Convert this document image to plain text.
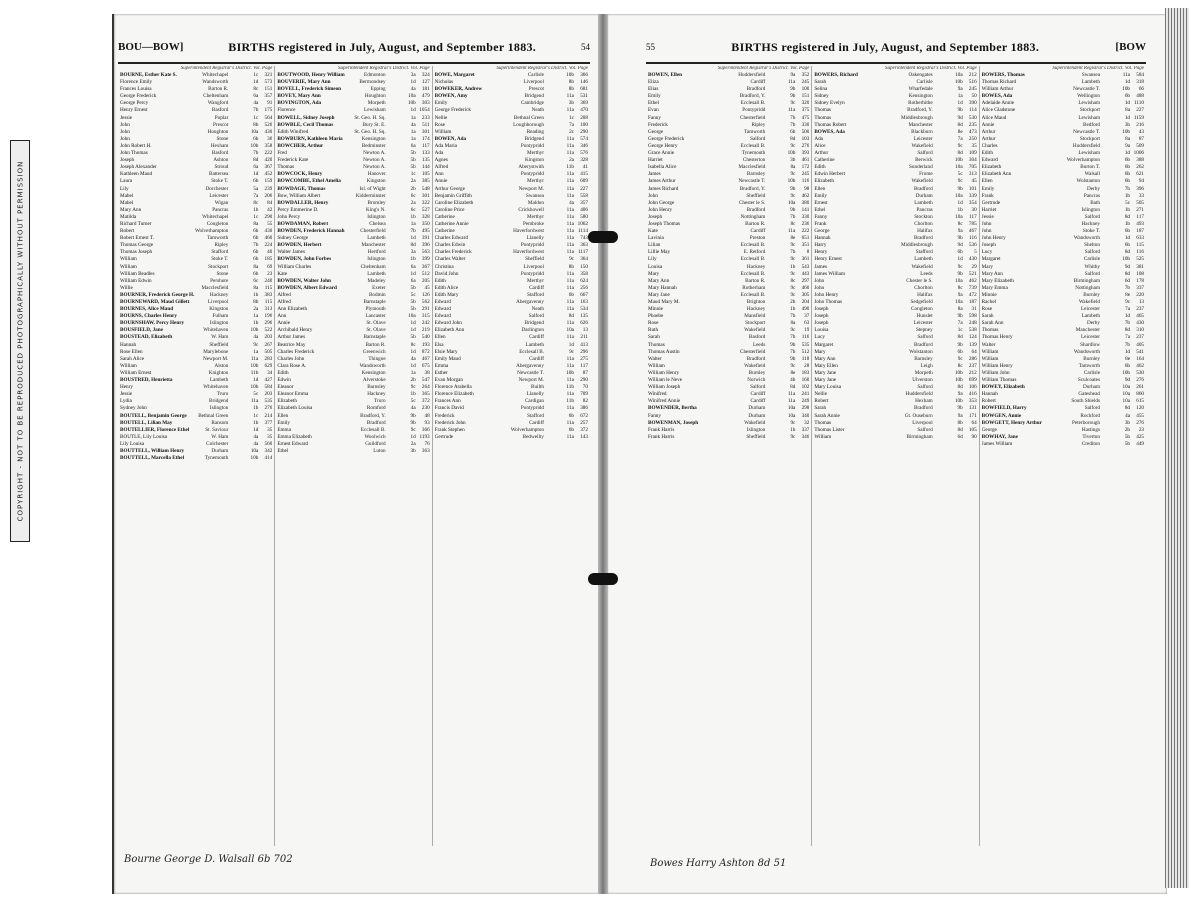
COPYRIGHT - NOT TO BE REPRODUCED PHOTOGRAPHICALLY WITHOUT PERMISSION
BOU—BOW]	BIRTHS registered in July, August, and September 1883.	54	55	BIRTHS registered in July, August, and September 1883.	[BOW
Superintendent Registrar's District. Vol. Page
BOURNE, Esther Kate S.	Whitechapel	1c	321
Florence Emily	Wandsworth	1d	573
Frances Louisa	Barton R.	8c	151
George Frederick	Cheltenham	6a	357
George Percy	Wangford	4a	91
Henry Ernest	Basford	7b	175
Jessie	Poplar	1c	564
John	Prescot	8b	526
John	Houghton	10a	430
John	Stone	6b	36
John Robert H.	Hexham	10b	358
John Thomas	Basford	7b	222
Joseph	Ashton	8d	420
Joseph Alexander	Stroud	6a	367
Kathleen Maud	Battersea	1d	452
Laura	Stoke T.	6b	159
Lily	Dorchester	5a	239
Mabel	Leicester	7a	206
Mabel	Wigan	8c	84
Mary Ann	Pancras	1b	42
Matilda	Whitechapel	1c	290
Richard Turner	Congleton	8a	55
Robert	Wolverhampton	6b	430
Robert Ernest T.	Tamworth	6b	460
Thomas George	Ripley	7b	224
Thomas Joseph	Stafford	6b	40
William	Stoke T.	6b	185
William	Stockport	8a	69
William Beadles	Stone	6b	23
William Edwin	Pershore	6c	240
Willie	Macclesfield	8a	115
BOURNER, Frederick George H.	Hackney	1b	383
BOURNEWARD, Maud Gillett	Liverpool	8b	115
BOURNES, Alice Maud	Kingston	2a	313
BOURNS, Charles Henry	Fulham	1a	196
BOURNSHAW, Percy Henry	Islington	1b	296
BOUSFIELD, Jane	Whitehaven	10b	522
BOUSTEAD, Elizabeth	W. Ham	4a	203
Hannah	Sheffield	9c	267
Rose Ellen	Marylebone	1a	505
Sarah Alice	Newport M.	11a	283
William	Alston	10b	629
William Ernest	Knighton	11b	34
BOUSTRED, Henrietta	Lambeth	1d	427
Henry	Whitehaven	10b	584
Jessie	Truro	5c	203
Lydia	Bridgend	11a	535
Sydney John	Islington	1b	276
BOUTELL, Benjamin George	Bethnal Green	1c	214
BOUTELL, Lilian May	Ransom	1b	377
BOUTELLIER, Florence Ethel	St. Saviour	1d	35
BOUTLE, Lily Louisa	W. Ham	4a	35
Lily Louisa	Colchester	4a	560
BOUTTELL, William Henry	Durham	10a	342
BOUTTELL, Marcella Ethel	Tynemouth	10b	414
Superintendent Registrar's District. Vol. Page
BOUTWOOD, Henry William	Edmonton	3a	324
BOUVERIE, Mary Ann	Bermondsey	1d	127
BOVELL, Frederick Simeon	Epping	4a	181
BOVEY, Mary Ann	Houghton	10a	479
BOVINGTON, Ada	Morpeth	10b	303
Florence	Lewisham	1d 1054
BOWELL, Sidney Joseph	St. Geo. H. Sq.	1a	233
BOWBLE, Cecil Thomas	Bury St. E.	4a	511
Edith Winifred	St. Geo. H. Sq.	1a	301
BOWBURN, Kathleen Maria	Kensington	1a	174
BOWCHER, Arthur	Bedminster	6a	117
Fred	Newton A.	5b	133
Frederick Kate	Newton A.	5b	135
Thomas	Newton A.	5b	144
BOWCOCK, Henry	Hanover	1c	105
BOWCOMBE, Ethel Amelia	Kingston	2a	385
BOWDAGE, Thomas	Isl. of Wight	2b	548
Bow, William Albert	Kidderminster	6c	301
BOWDALLER, Henry	Bromley	2a	322
Percy Emmerine D.	King's N.	6c	527
John Percy	Islington	1b	328
BOWDAMAN, Robert	Chelsea	1a	350
BOWDEN, Frederick Hannah	Chesterfield	7b	495
Sidney George	Lambeth	1d	391
BOWDEN, Herbert	Manchester	8d	396
Walter James	Hertford	3a	563
BOWDEN, John Forbes	Islington	1b	399
William Charles	Cheltenham	6a	367
Kate	Lambeth	1d	512
BOWDEN, Walter John	Madeley	6a	205
BOWDEN, Albert Edward	Exeter	5b	45
Alfred	Bodmin	5c	126
Alfred	Barnstaple	5b	562
Ann Elizabeth	Plymouth	5b	291
Ann	Lancaster	10a	315
Annie	St. Olave	1d	242
Archibald Henry	St. Olave	1d	219
Arthur James	Barnstaple	5b	540
Beatrice May	Barton R.	8c	193
Charles Frederick	Greenwich	1d	872
Charles John	Thingoe	4a	467
Clara Rose A.	Wandsworth	1d	675
Edith	Kensington	1a	38
Edwin	Alverstoke	2b	547
Eleanor	Barnsley	9c	264
Eleanor Emma	Hackney	1b	365
Elizabeth	Truro	5c	372
Elizabeth Louisa	Romford	4a	230
Ellen	Bradford, Y.	9b	48
Emily	Bradford	9b	93
Emma	Ecclesall B.	9c	366
Emma Elizabeth	Woolwich	1d 1193
Ernest Edward	Guildford	2a	76
Ethel	Luton	3b	363
Superintendent Registrar's District. Vol. Page
BOWE, Margaret	Carlisle	10b	366
Nicholas	Liverpool	8b	146
BOWEKER, Andrew	Prescot	8b	681
BOWEN, Amy	Bridgend	11a	531
Emily	Cambridge	3b	369
George Frederick	Neath	11a	470
Nellie	Bethnal Green	1c	208
Rose	Loughborough	7a	100
William	Reading	2c	290
BOWEN, Ada	Bridgend	11a	574
Ada Maria	Pontypridd	11a	346
Ada	Merthyr	11a	576
Agnes	Kingston	2a	328
Alfred	Aberystwith	11b	41
Ann	Pontypridd	11a	415
Annie	Merthyr	11a	609
Arthur George	Newport M.	11a	227
Benjamin Griffith	Swansea	11a	558
Caroline Elizabeth	Maldon	4a	357
Caroline Price	Crickhowell	11a	406
Catherine	Merthyr	11a	580
Catherine Annie	Pembroke	11a 1062
Catherine	Haverfordwest	11a 1114
Charles Edward	Llanelly	11a	743
Charles Edwin	Pontypridd	11a	363
Charles Frederick	Haverfordwest	11a 1117
Charles Walter	Sheffield	9c	364
Christina	Liverpool	8b	150
David John	Pontypridd	11a	358
Edith	Merthyr	11a	624
Edith Alice	Cardiff	11a	256
Edith Mary	Stafford	6b	667
Edward	Abergavenny	11a	163
Edward	Neath	11a	534
Edward	Salford	8d	135
Edward John	Bridgend	11a	626
Elizabeth Ann	Darlington	10a	13
Ellen	Cardiff	11a	211
Elsa	Lambeth	1d	413
Elsie Mary	Ecclesall B.	9c	296
Emily Maud	Cardiff	11a	275
Emma	Abergavenny	11a	117
Esther	Newcastle T.	10b	87
Evan Morgan	Newport M.	11a	290
Florence Arabella	Builth	11b	70
Florence Elizabeth	Llanelly	11a	709
Frances Ann	Cardigan	11b	82
Francis David	Pontypridd	11a	386
Frederick	Stafford	6b	672
Frederick John	Cardiff	11a	257
Frank Stephen	Wolverhampton	6b	372
Gertrude	Bedwellty	11a	143
Superintendent Registrar's District. Vol. Page
BOWEN, Ellen	Huddersfield	9a	352
Eliza	Cardiff	11a	245
Elias	Bradford	9b	100
Emily	Bradford, Y.	9b	151
Ethel	Ecclesall B.	9c	320
Evan	Pontypridd	11a	375
Fanny	Chesterfield	7b	475
Frederick	Ripley	7b	330
George	Tamworth	6b	500
George Frederick	Salford	8d	103
George Henry	Ecclesall B.	9c	276
Grace Annie	Tynemouth	10b	393
Harriet	Chesterton	3b	461
Isabella Alice	Macclesfield	8a	172
James	Barnsley	9c	245
James Arthur	Newcastle T.	10b	116
James Richard	Bradford, Y.	9b	98
John	Sheffield	9c	462
John George	Chester le S.	10a	380
John Henry	Bradford	9b	141
Joseph	Nottingham	7b	330
Joseph Thomas	Barton R.	8c	236
Kate	Cardiff	11a	222
Lavinia	Preston	8e	651
Lilian	Ecclesall B.	9c	351
Lillie May	E. Retford	7b	8
Lily	Ecclesall B.	9c	361
Louisa	Hackney	1b	543
Mary	Ecclesall B.	9c	443
Mary Ann	Barton R.	8c	297
Mary Hannah	Rotherham	9c	460
Mary Jane	Ecclesall B.	9c	305
Maud Mary M.	Brighton	2b	204
Minnie	Hackney	1b	490
Phoebe	Mansfield	7b	37
Rose	Stockport	8a	63
Ruth	Wakefield	9c	19
Sarah	Basford	7b	116
Thomas	Leeds	9b	535
Thomas Austin	Chesterfield	7b	512
Walter	Bradford	9b	118
William	Wakefield	9c	28
William Henry	Burnley	8e	183
William le Neve	Norwich	4b	160
William Joseph	Salford	8d	102
Winifred	Cardiff	11a	241
Winifred Annie	Cardiff	11a	249
BOWENDER, Bertha	Durham	10a	298
Fanny	Durham	10a	340
BOWENMAN, Joseph	Wakefield	9c	32
Frank Harris	Islington	1b	337
Frank Harris	Sheffield	9c	346
Superintendent Registrar's District. Vol. Page
BOWERS, Richard	Oakengates	10a	212
Sarah	Carlisle	10b	516
Selina	Wharfedale	9a	245
Sidney	Kensington	1a	50
Sidney Evelyn	Rotherhithe	1d	390
Thomas	Bradford, Y.	9b	114
Thomas	Middlesbrough	9d	530
Thomas Robert	Manchester	8d	235
BOWES, Ada	Blackburn	8e	473
Ada	Leicester	7a	250
Alice	Wakefield	9c	35
Arthur	Salford	8d	109
Catherine	Berwick	10b	304
Edith	Sunderland	10a	705
Edwin Herbert	Frome	5c	313
Elizabeth	Wakefield	9c	45
Ellen	Bradford	9b	101
Emily	Durham	10a	339
Ernest	Lambeth	1d	354
Ethel	Pancras	1b	30
Fanny	Stockton	10a	117
Frank	Chorlton	8c	785
George	Halifax	9a	467
Hannah	Bradford	9b	116
Harry	Middlesbrough	9d	536
Henry	Stafford	6b	5
Henry Ernest	Lambeth	1d	430
James	Wakefield	9c	29
James William	Leeds	9b	521
John	Chester le S.	10a	462
John	Chorlton	8c	739
John Henry	Halifax	9a	472
John Thomas	Sedgefield	10a	187
Joseph	Congleton	8a	31
Joseph	Hunslet	9b	598
Joseph	Leicester	7a	248
Louisa	Stepney	1c	538
Lucy	Salford	8d	124
Margaret	Bradford	9b	139
Mary	Wolstanton	6b	64
Mary Ann	Barnsley	9c	286
Mary Ellen	Leigh	8c	237
Mary Jane	Morpeth	10b	212
Mary Jane	Ulverston	10b	699
Mary Louisa	Salford	8d	106
Nellie	Huddersfield	9a	416
Robert	Hexham	10b	353
Sarah	Bradford	9b	131
Sarah Annie	Gt. Ouseburn	9a	171
Thomas	Liverpool	8b	64
Thomas Lister	Salford	8d	105
William	Birmingham	6d	90
Superintendent Registrar's District. Vol. Page
BOWERS, Thomas	Swansea	11a	584
Thomas Richard	Lambeth	1d	318
William Arthur	Newcastle T.	10b	66
BOWES, Ada	Wellington	6b	488
Adelaide Annie	Lewisham	1d 1110
Alice Gladstone	Stockport	8a	227
Alice Maud	Lewisham	1d 1159
Annie	Bedford	3b	216
Arthur	Newcastle T.	10b	43
Arthur	Stockport	8a	87
Charles	Huddersfield	9a	509
Edith	Lewisham	1d 1006
Edward	Wolverhampton	6b	388
Elizabeth	Burton T.	6b	262
Elizabeth Ann	Walsall	6b	621
Ellen	Wolstanton	6b	94
Emily	Derby	7b	396
Frank	Pancras	1b	33
Gertrude	Bath	5c	505
Harriet	Islington	1b	271
Jessie	Salford	8d	117
John	Hackney	1b	493
John	Stoke T.	6b	187
John Henry	Wandsworth	1d	633
Joseph	Shelton	6b	115
Lucy	Salford	8d	116
Margaret	Carlisle	10b	525
Mary	Whitby	9d	381
Mary Ann	Salford	8d	108
Mary Elizabeth	Birmingham	6d	178
Mary Emma	Nottingham	7b	337
Minnie	Burnley	8e	220
Rachel	Wakefield	9c	13
Rose	Leicester	7a	237
Sarah	Lambeth	1d	465
Sarah Ann	Derby	7b	430
Thomas	Manchester	8d	310
Thomas Henry	Leicester	7a	237
Walter	Shardlow	7b	405
William	Wandsworth	1d	541
William	Burnley	8e	164
William Henry	Tamworth	6b	462
William John	Carlisle	10b	530
William Thomas	Sculcoates	9d	276
BOWEY, Elizabeth	Durham	10a	261
Hannah	Gateshead	10a	860
Robert	South Shields	10a	615
BOWFIELD, Harry	Salford	8d	120
BOWGEN, Annie	Rochford	4a	455
BOWGETT, Henry Arthur	Peterborough	3b	276
George	Hastings	2b	23
BOWHAY, Jane	Tiverton	5b	425
James William	Crediton	5b	449
Bourne George D. Walsall 6b 702	Bowes Harry Ashton 8d 51
